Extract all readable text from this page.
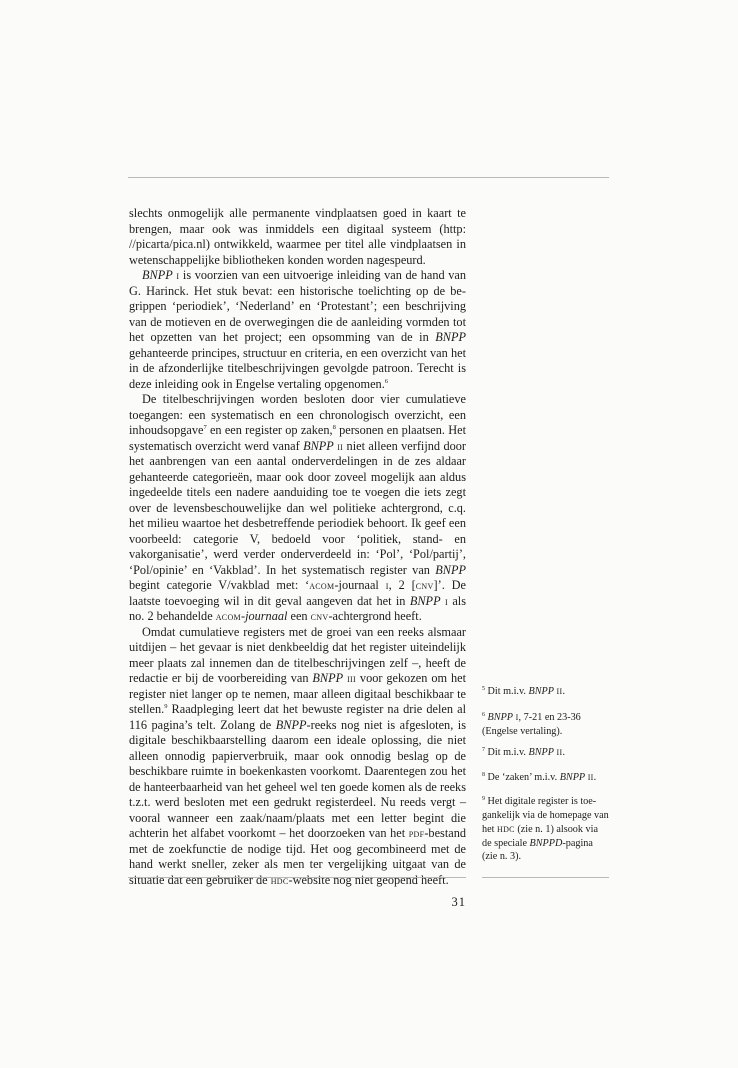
slechts onmogelijk alle permanente vindplaatsen goed in kaart te brengen, maar ook was inmiddels een digitaal systeem (http: //picarta/pica.nl) ontwikkeld, waarmee per titel alle vindplaatsen in wetenschappelijke bibliotheken konden worden nagespeurd.

BNPP i is voorzien van een uitvoerige inleiding van de hand van G. Harinck. Het stuk bevat: een historische toelichting op de begrippen ‘periodiek’, ‘Nederland’ en ‘Protestant’; een beschrijving van de motieven en de overwegingen die de aanleiding vormden tot het opzetten van het project; een opsomming van de in BNPP gehanteerde principes, structuur en criteria, en een overzicht van het in de afzonderlijke titelbeschrijvingen gevolgde patroon. Terecht is deze inleiding ook in Engelse vertaling opgenomen.$^6$

De titelbeschrijvingen worden besloten door vier cumulatieve toegangen: een systematisch en een chronologisch overzicht, een inhoudsopgave$^7$ en een register op zaken,$^8$ personen en plaatsen. Het systematisch overzicht werd vanaf BNPP ii niet alleen verfijnd door het aanbrengen van een aantal onderverdelingen in de zes aldaar gehanteerde categorieën, maar ook door zoveel mogelijk aan aldus ingedeelde titels een nadere aanduiding toe te voegen die iets zegt over de levensbeschouwelijke dan wel politieke achtergrond, c.q. het milieu waartoe het desbetreffende periodiek behoort. Ik geef een voorbeeld: categorie V, bedoeld voor ‘politiek, stand- en vakorganisatie’, werd verder onderverdeeld in: ‘Pol’, ‘Pol/partij’, ‘Pol/opinie’ en ‘Vakblad’. In het systematisch register van BNPP begint categorie V/vakblad met: ‘acom-journaal i, 2 [cnv]’. De laatste toevoeging wil in dit geval aangeven dat het in BNPP i als no. 2 behandelde acom-journaal een cnv-achtergrond heeft.

Omdat cumulatieve registers met de groei van een reeks alsmaar uitdijen – het gevaar is niet denkbeeldig dat het register uiteindelijk meer plaats zal innemen dan de titelbeschrijvingen zelf –, heeft de redactie er bij de voorbereiding van BNPP iii voor gekozen om het register niet langer op te nemen, maar alleen digitaal beschikbaar te stellen.$^9$ Raadpleging leert dat het bewuste register na drie delen al 116 pagina’s telt. Zolang de BNPP-reeks nog niet is afgesloten, is digitale beschikbaarstelling daarom een ideale oplossing, die niet alleen onnodig papierverbruik, maar ook onnodig beslag op de beschikbare ruimte in boekenkasten voorkomt. Daarentegen zou het de hanteerbaarheid van het geheel wel ten goede komen als de reeks t.z.t. werd besloten met een gedrukt registerdeel. Nu reeds vergt – vooral wanneer een zaak/naam/plaats met een letter begint die achterin het alfabet voorkomt – het doorzoeken van het pdf-bestand met de zoekfunctie de nodige tijd. Het oog gecombineerd met de hand werkt sneller, zeker als men ter vergelijking uitgaat van de situatie dat een gebruiker de hdc-website nog niet geopend heeft.

$^5$ Dit m.i.v. BNPP ii.

$^6$ BNPP i, 7-21 en 23-36 (Engelse vertaling).

$^7$ Dit m.i.v. BNPP ii.

$^8$ De ‘zaken’ m.i.v. BNPP ii.

$^9$ Het digitale register is toegankelijk via de homepage van het hdc (zie n. 1) alsook via de speciale BNPPD-pagina (zie n. 3).

31
